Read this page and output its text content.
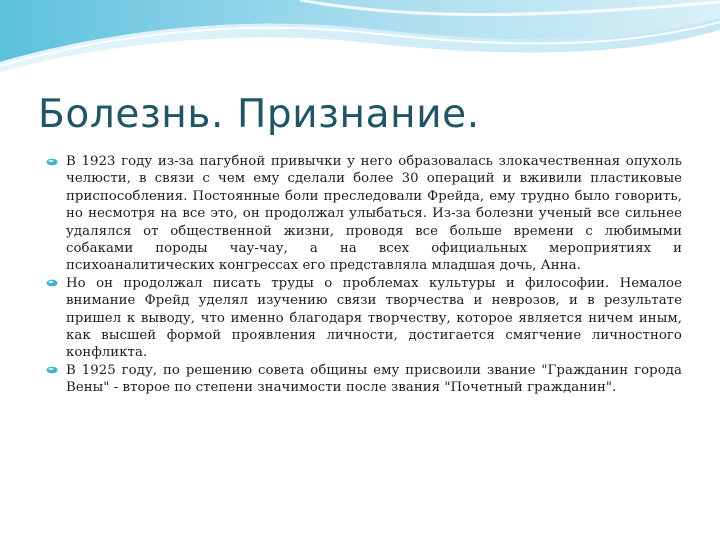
Болезнь. Признание.
В 1923 году из-за пагубной привычки у него образовалась злокачественная опухоль челюсти, в связи с чем ему сделали более 30 операций и вживили пластиковые приспособления. Постоянные боли преследовали Фрейда, ему трудно было говорить, но несмотря на все это, он продолжал улыбаться. Из-за болезни ученый все сильнее удалялся от общественной жизни, проводя все больше времени с любимыми собаками породы чау-чау, а на всех официальных мероприятиях и психоаналитических конгрессах его представляла младшая дочь, Анна.
Но он продолжал писать труды о проблемах культуры и философии. Немалое внимание Фрейд уделял изучению связи творчества и неврозов, и в результате пришел к выводу, что именно благодаря творчеству, которое является ничем иным, как высшей формой проявления личности, достигается смягчение личностного конфликта.
В 1925 году, по решению совета общины ему присвоили звание "Гражданин города Вены" - второе по степени значимости после звания "Почетный гражданин".
